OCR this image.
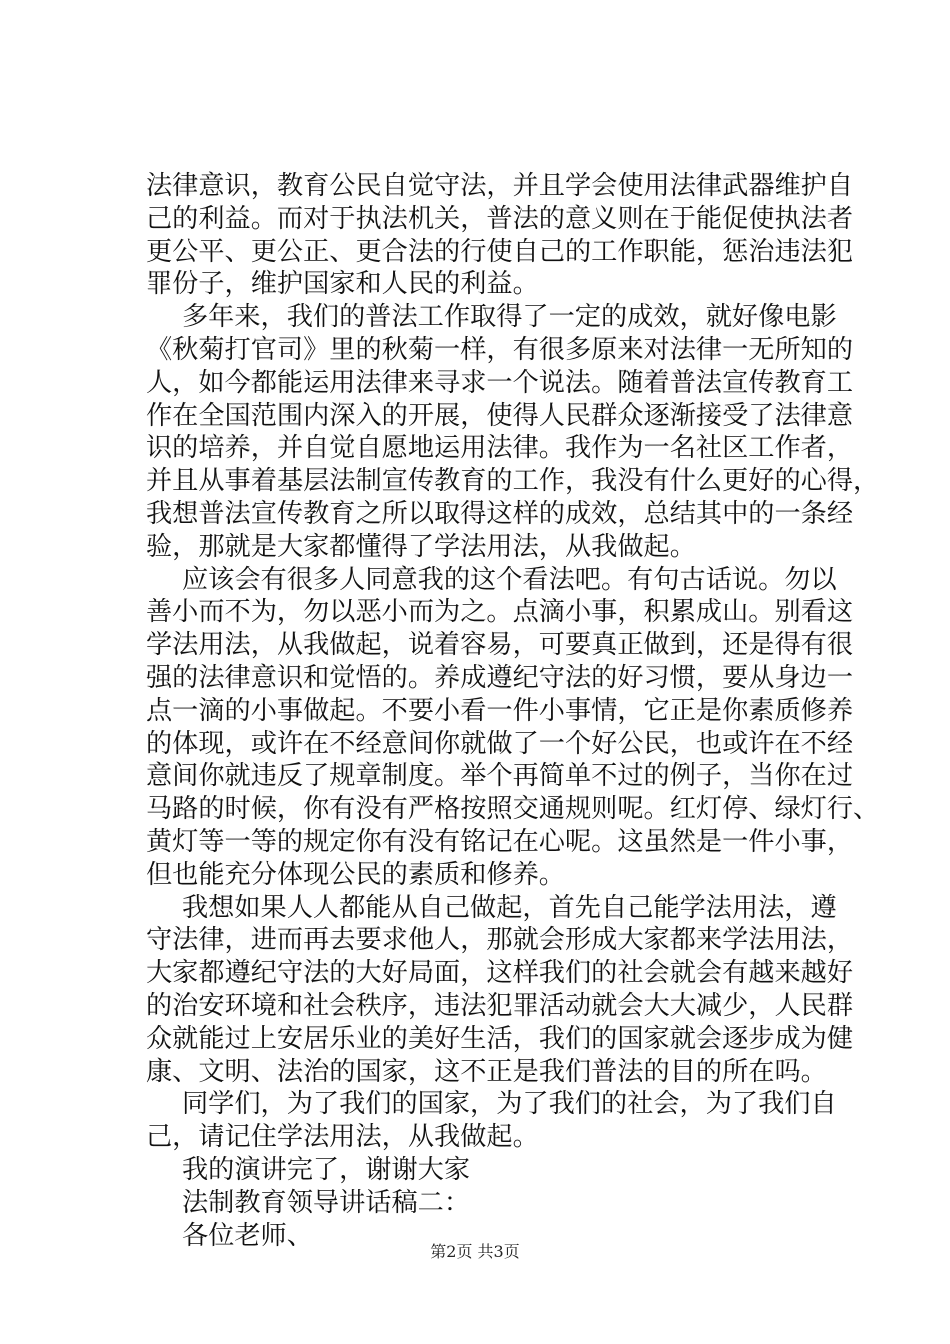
法律意识，教育公民自觉守法，并且学会使用法律武器维护自
己的利益。而对于执法机关，普法的意义则在于能促使执法者
更公平、更公正、更合法的行使自己的工作职能，惩治违法犯
罪份子，维护国家和人民的利益。
多年来，我们的普法工作取得了一定的成效，就好像电影
《秋菊打官司》里的秋菊一样，有很多原来对法律一无所知的
人，如今都能运用法律来寻求一个说法。随着普法宣传教育工
作在全国范围内深入的开展，使得人民群众逐渐接受了法律意
识的培养，并自觉自愿地运用法律。我作为一名社区工作者，
并且从事着基层法制宣传教育的工作，我没有什么更好的心得，
我想普法宣传教育之所以取得这样的成效，总结其中的一条经
验，那就是大家都懂得了学法用法，从我做起。
应该会有很多人同意我的这个看法吧。有句古话说。勿以
善小而不为，勿以恶小而为之。点滴小事，积累成山。别看这
学法用法，从我做起，说着容易，可要真正做到，还是得有很
强的法律意识和觉悟的。养成遵纪守法的好习惯，要从身边一
点一滴的小事做起。不要小看一件小事情，它正是你素质修养
的体现，或许在不经意间你就做了一个好公民，也或许在不经
意间你就违反了规章制度。举个再简单不过的例子，当你在过
马路的时候，你有没有严格按照交通规则呢。红灯停、绿灯行、
黄灯等一等的规定你有没有铭记在心呢。这虽然是一件小事，
但也能充分体现公民的素质和修养。
我想如果人人都能从自己做起，首先自己能学法用法，遵
守法律，进而再去要求他人，那就会形成大家都来学法用法，
大家都遵纪守法的大好局面，这样我们的社会就会有越来越好
的治安环境和社会秩序，违法犯罪活动就会大大减少，人民群
众就能过上安居乐业的美好生活，我们的国家就会逐步成为健
康、文明、法治的国家，这不正是我们普法的目的所在吗。
同学们，为了我们的国家，为了我们的社会，为了我们自
己，请记住学法用法，从我做起。
我的演讲完了，谢谢大家
法制教育领导讲话稿二：
各位老师、
第2页 共3页
